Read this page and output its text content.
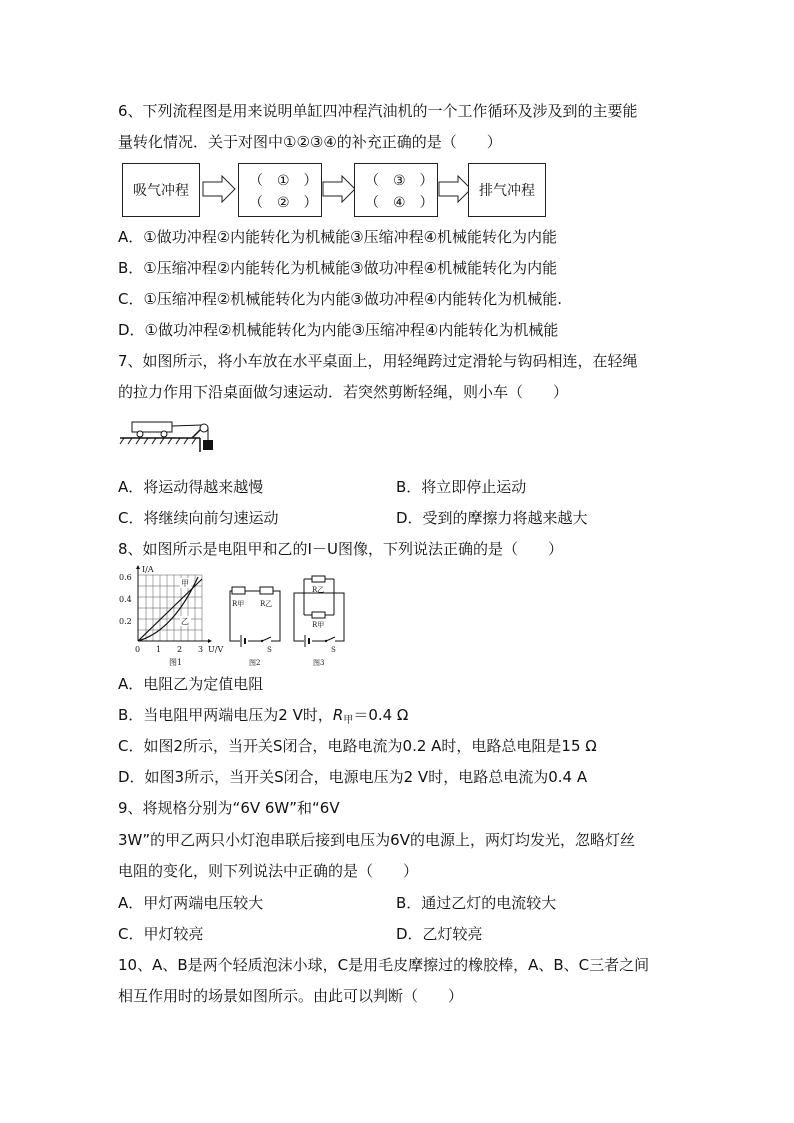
6、下列流程图是用来说明单缸四冲程汽油机的一个工作循环及涉及到的主要能
量转化情况．关于对图中①②③④的补充正确的是（　　）
吸气冲程
（　①　）
（　②　）
（　③　）
（　④　）
排气冲程
A．①做功冲程②内能转化为机械能③压缩冲程④机械能转化为内能
B．①压缩冲程②内能转化为机械能③做功冲程④机械能转化为内能
C．①压缩冲程②机械能转化为内能③做功冲程④内能转化为机械能.
D．①做功冲程②机械能转化为内能③压缩冲程④内能转化为机械能
7、如图所示，将小车放在水平桌面上，用轻绳跨过定滑轮与钩码相连，在轻绳
的拉力作用下沿桌面做匀速运动．若突然剪断轻绳，则小车（　　）
A．将运动得越来越慢	B．将立即停止运动
C．将继续向前匀速运动	D．受到的摩擦力将越来越大
8、如图所示是电阻甲和乙的I－U图像，下列说法正确的是（　　）
I/A
0.6
0.4
0.2
0 1 2 3 U/V
甲
乙
图1
R甲 R乙
S
图2
R乙
R甲
S
图3
A．电阻乙为定值电阻
B．当电阻甲两端电压为2 V时，$R_甲=0.4$ Ω
C．如图2所示，当开关S闭合，电路电流为0.2 A时，电路总电阻是15 Ω
D．如图3所示，当开关S闭合，电源电压为2 V时，电路总电流为0.4 A
9、将规格分别为“6V 6W”和“6V
3W”的甲乙两只小灯泡串联后接到电压为6V的电源上，两灯均发光，忽略灯丝
电阻的变化，则下列说法中正确的是（　　）
A．甲灯两端电压较大	B．通过乙灯的电流较大
C．甲灯较亮	D．乙灯较亮
10、A、B是两个轻质泡沫小球，C是用毛皮摩擦过的橡胶棒，A、B、C三者之间
相互作用时的场景如图所示。由此可以判断（　　）
